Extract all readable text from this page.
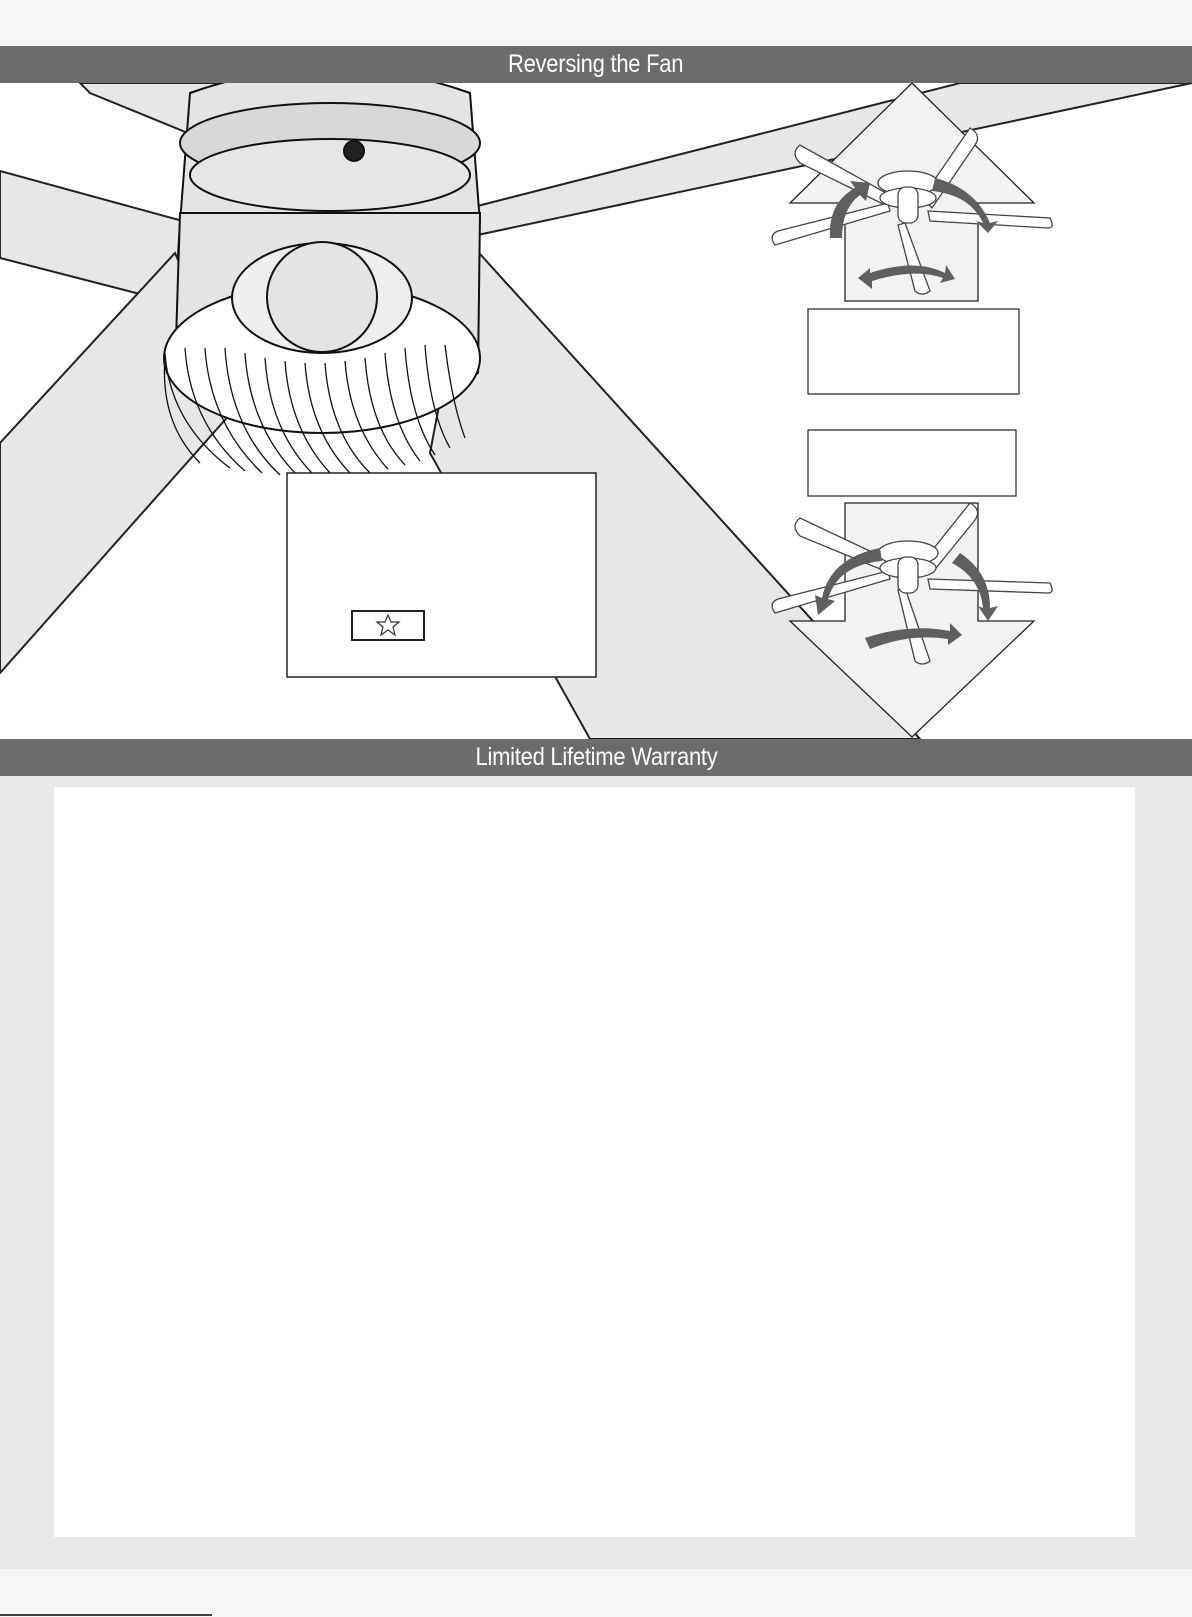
Reversing the Fan
Limited Lifetime Warranty
